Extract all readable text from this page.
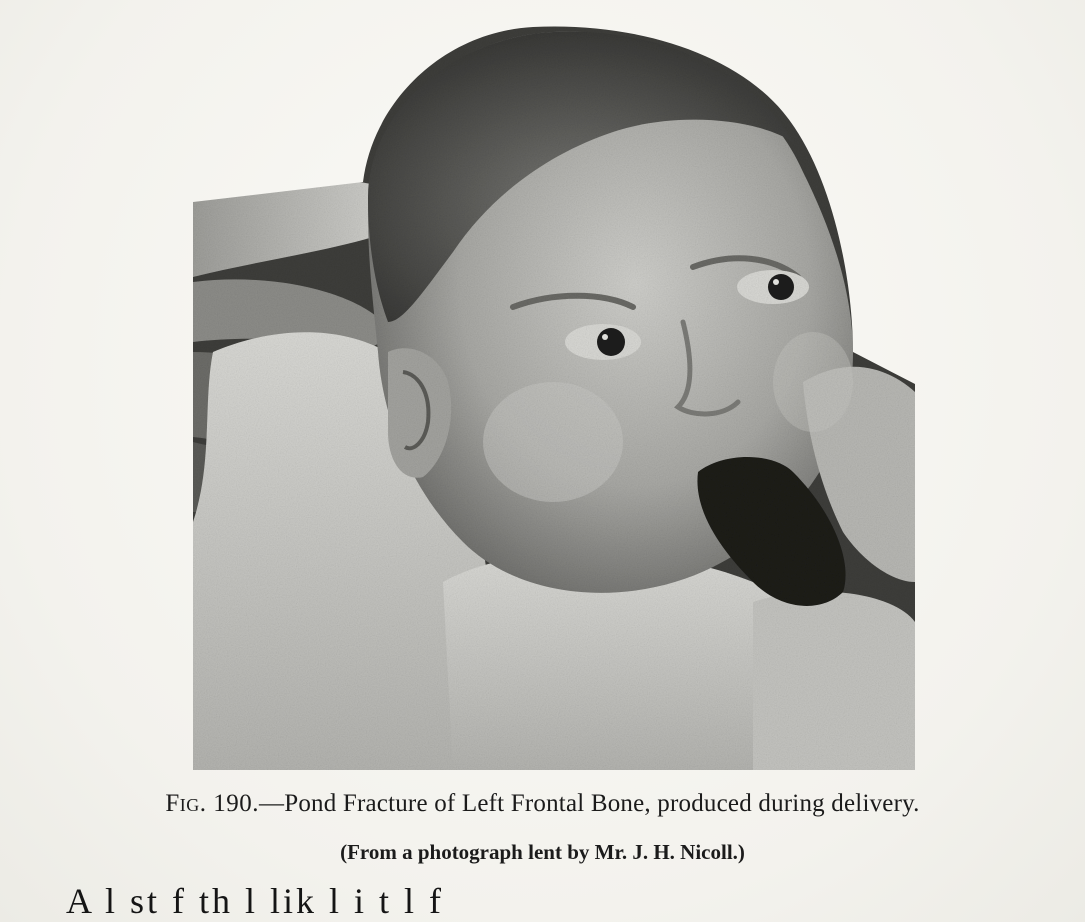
Fig. 190.—Pond Fracture of Left Frontal Bone, produced during delivery.
(From a photograph lent by Mr. J. H. Nicoll.)
A l st f th l lik l i t l f
